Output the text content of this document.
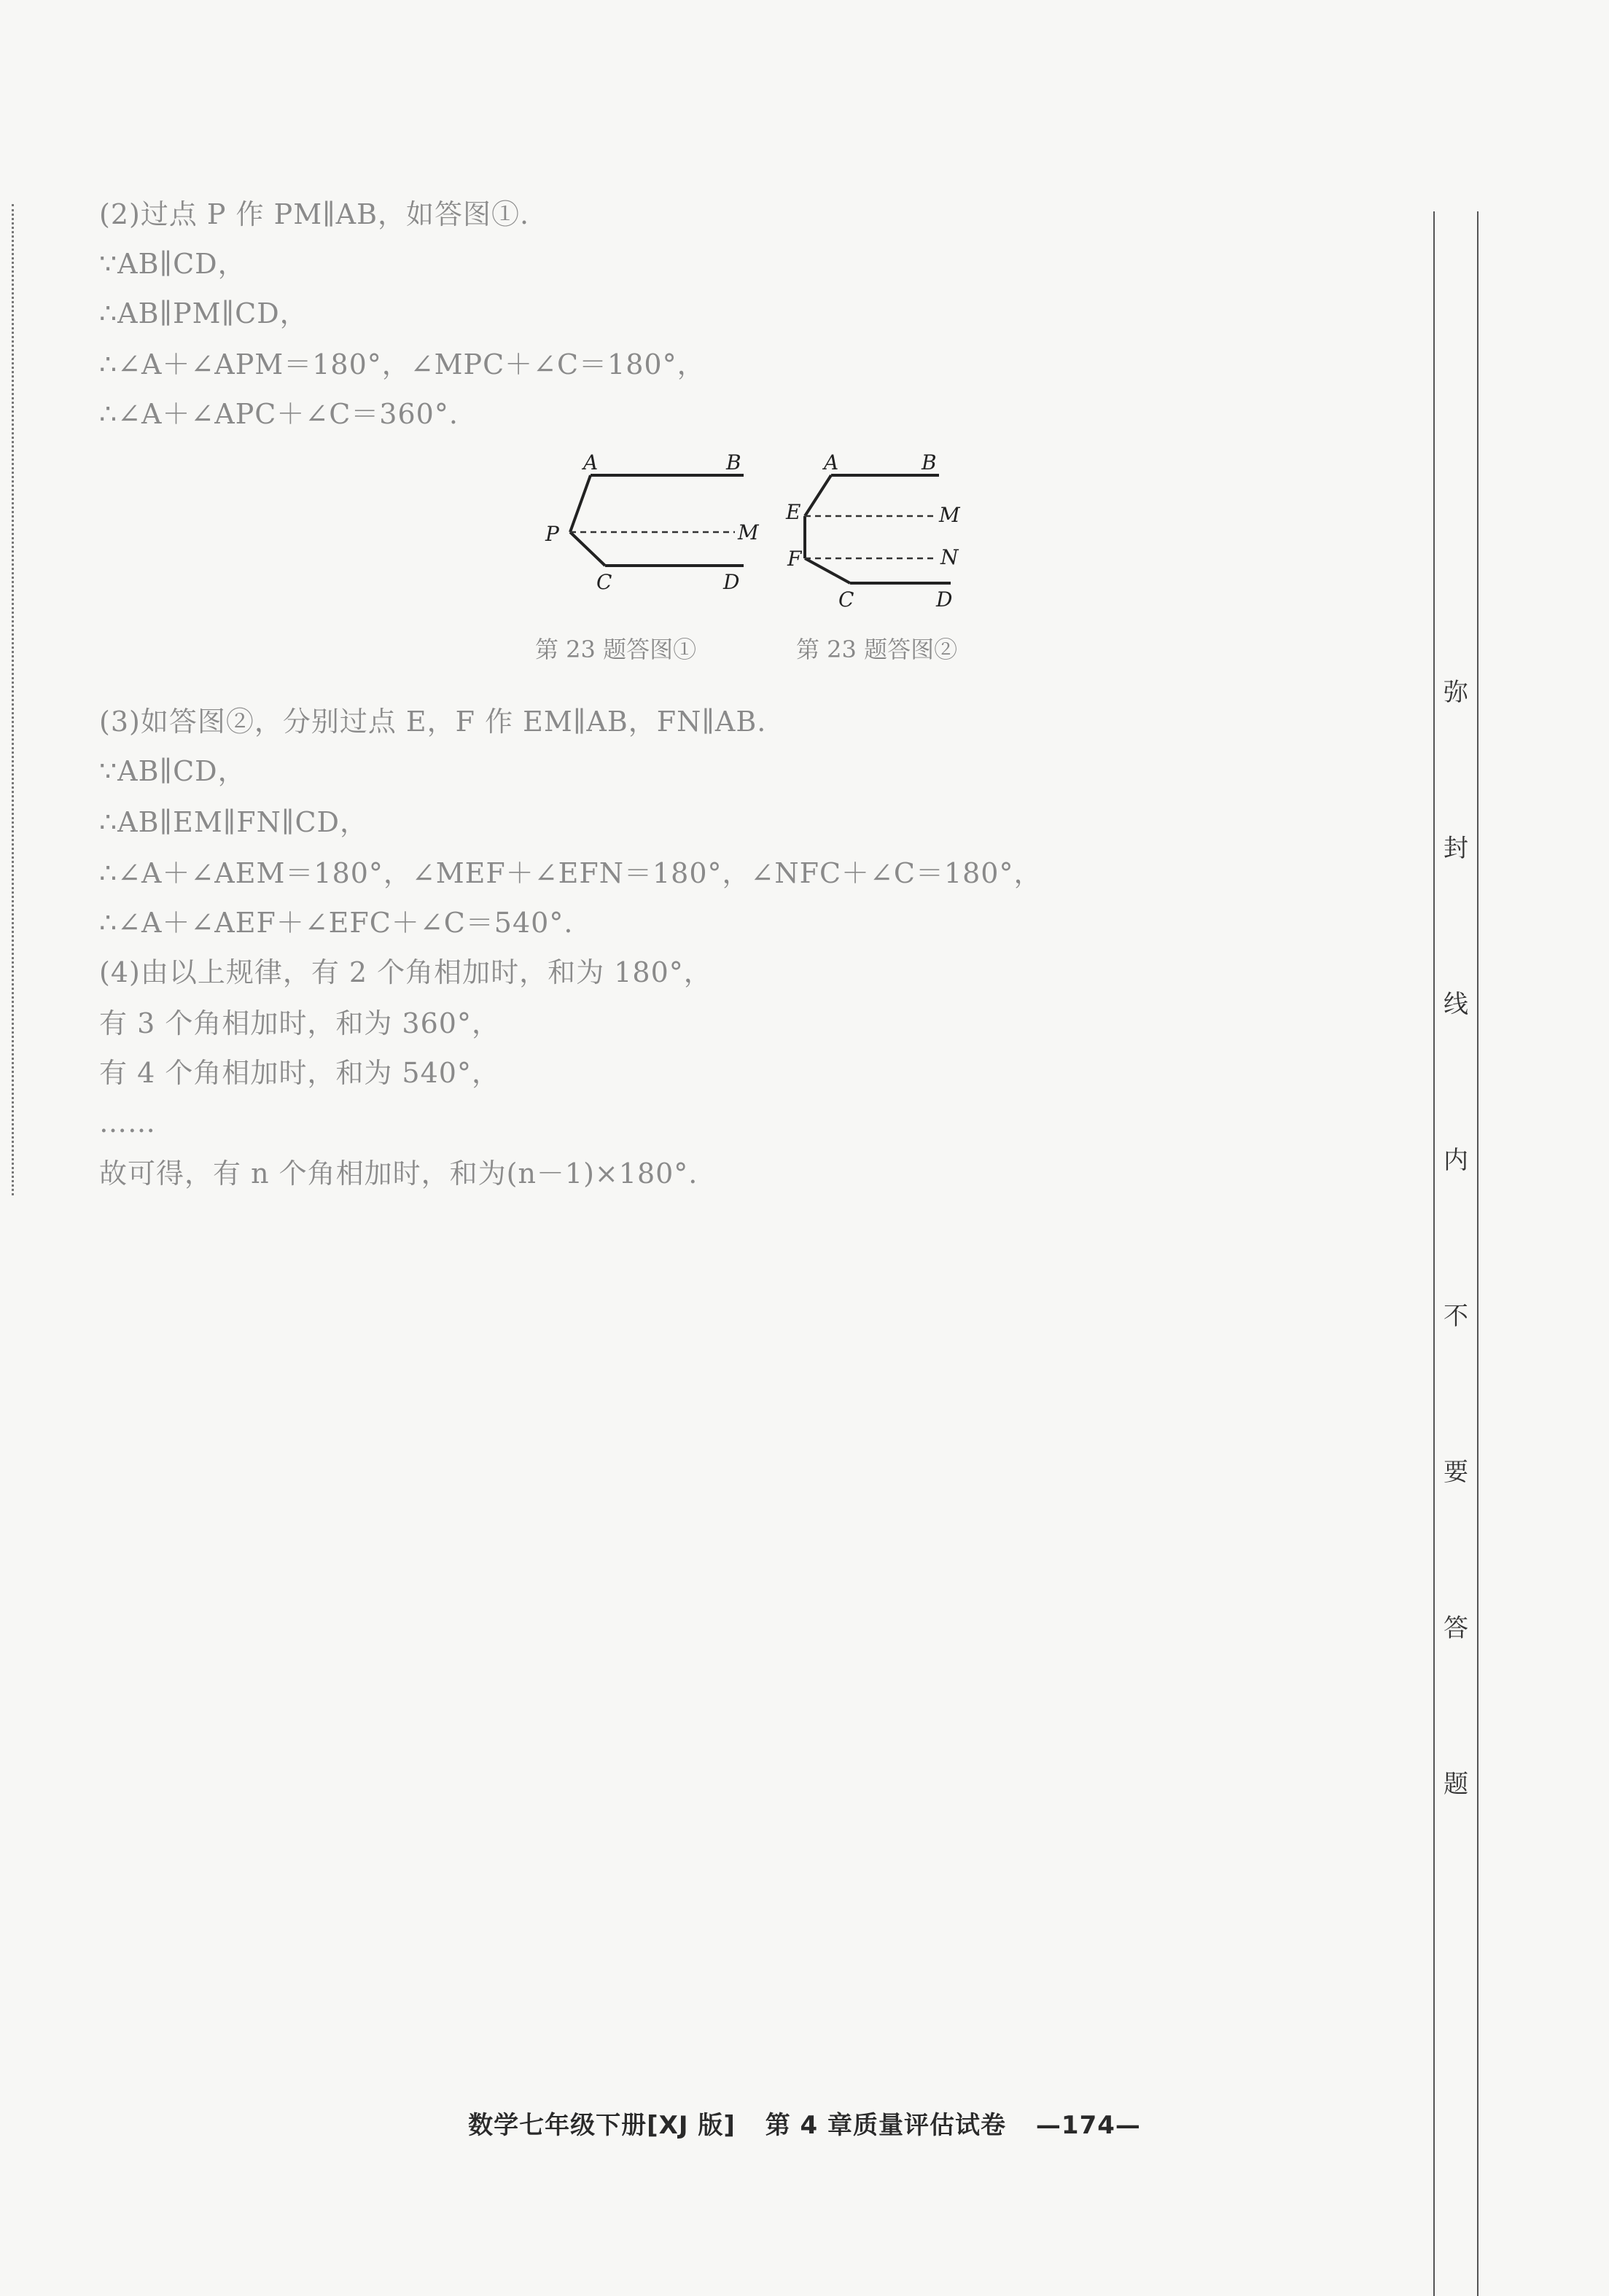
(2)过点 P 作 PM∥AB，如答图①.
∵AB∥CD，
∴AB∥PM∥CD，
∴∠A＋∠APM＝180°，∠MPC＋∠C＝180°，
∴∠A＋∠APC＋∠C＝360°.
(3)如答图②，分别过点 E，F 作 EM∥AB，FN∥AB.
∵AB∥CD，
∴AB∥EM∥FN∥CD，
∴∠A＋∠AEM＝180°，∠MEF＋∠EFN＝180°，∠NFC＋∠C＝180°，
∴∠A＋∠AEF＋∠EFC＋∠C＝540°.
(4)由以上规律，有 2 个角相加时，和为 180°，
有 3 个角相加时，和为 360°，
有 4 个角相加时，和为 540°，
……
故可得，有 n 个角相加时，和为(n－1)×180°.
A	B
P	M
C	D
第 23 题答图①
A	B
E	M
F	N
C	D
第 23 题答图②
弥
封
线
内
不
要
答
题
数学七年级下册[XJ 版] 第 4 章质量评估试卷 —174—
